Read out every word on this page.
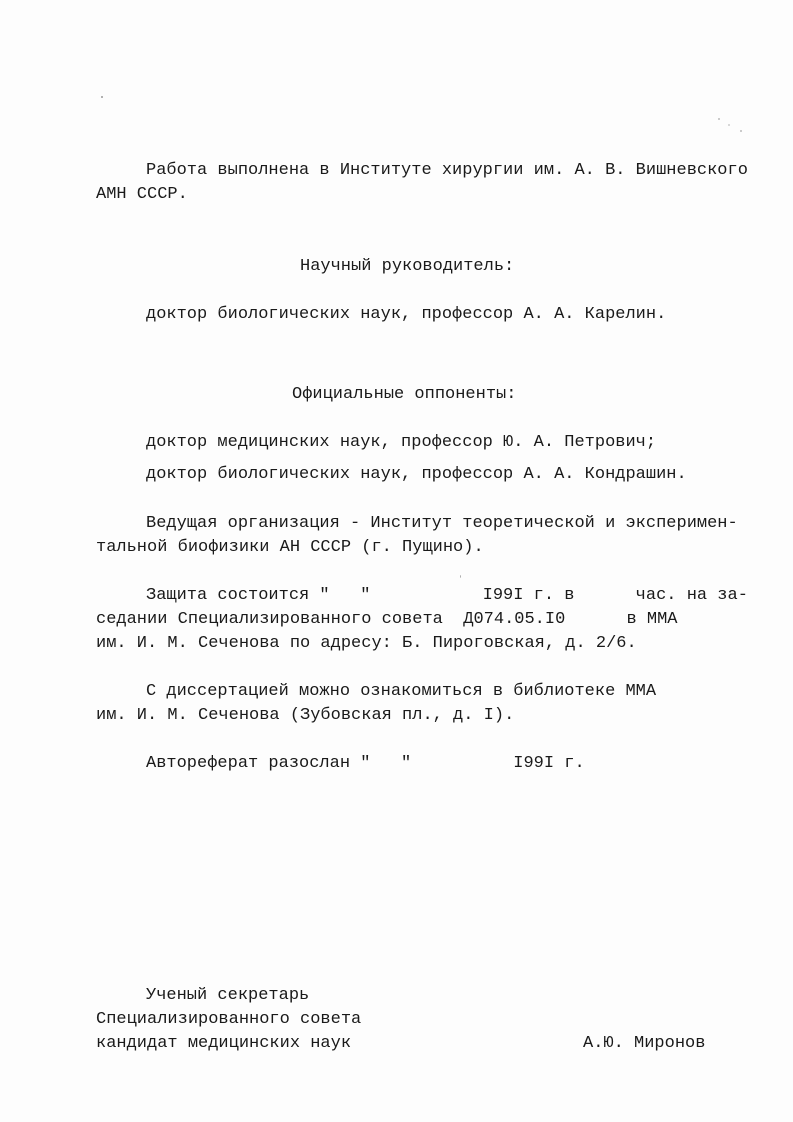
Работа выполнена в Институте хирургии им. А. В. Вишневского
АМН СССР.
Научный руководитель:
доктор биологических наук, профессор А. А. Карелин.
Официальные оппоненты:
доктор медицинских наук, профессор Ю. А. Петрович;
доктор биологических наук, профессор А. А. Кондрашин.
Ведущая организация - Институт теоретической и эксперимен-
тальной биофизики АН СССР (г. Пущино).
Защита состоится "   "           I99I г. в      час. на за-
седании Специализированного совета  Д074.05.I0      в ММА
им. И. М. Сеченова по адресу: Б. Пироговская, д. 2/6.
С диссертацией можно ознакомиться в библиотеке ММА
им. И. М. Сеченова (Зубовская пл., д. I).
Автореферат разослан "   "          I99I г.
Ученый секретарь
Специализированного совета
кандидат медицинских наук	А.Ю. Миронов
